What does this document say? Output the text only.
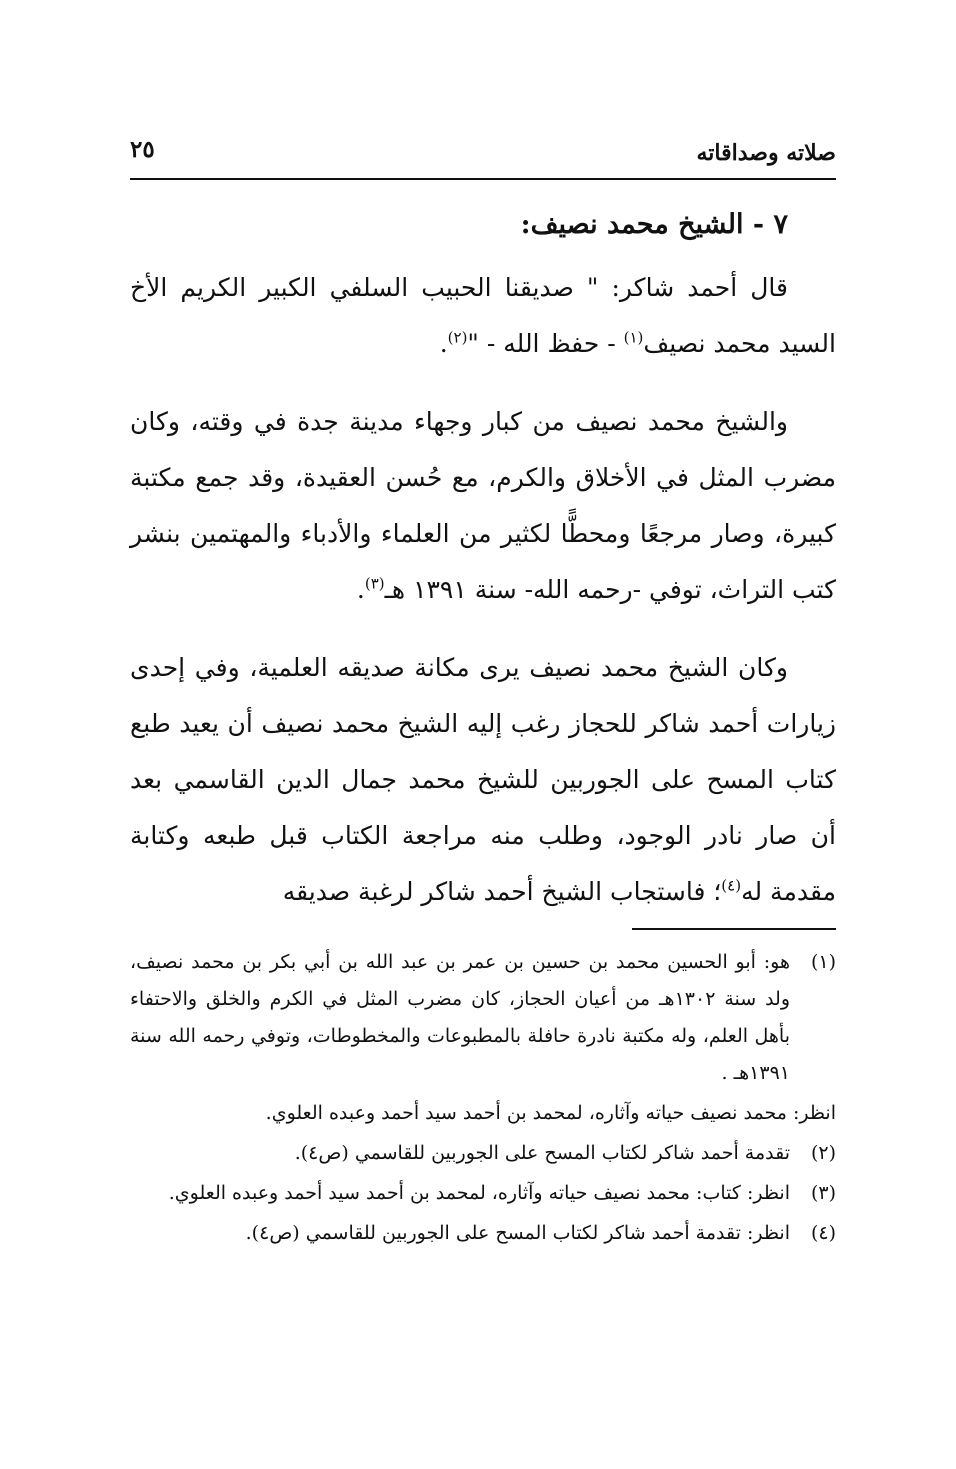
صلاته وصداقاته
٢٥
٧ - الشيخ محمد نصيف:

قال أحمد شاكر: " صديقنا الحبيب السلفي الكبير الكريم الأخ السيد محمد نصيف$^{(١)}$ - حفظ الله - "$^{(٢)}$.

والشيخ محمد نصيف من كبار وجهاء مدينة جدة في وقته، وكان مضرب المثل في الأخلاق والكرم، مع حُسن العقيدة، وقد جمع مكتبة كبيرة، وصار مرجعًا ومحطًّا لكثير من العلماء والأدباء والمهتمين بنشر كتب التراث، توفي -رحمه الله- سنة ١٣٩١ هـ$^{(٣)}$.

وكان الشيخ محمد نصيف يرى مكانة صديقه العلمية، وفي إحدى زيارات أحمد شاكر للحجاز رغب إليه الشيخ محمد نصيف أن يعيد طبع كتاب المسح على الجوربين للشيخ محمد جمال الدين القاسمي بعد أن صار نادر الوجود، وطلب منه مراجعة الكتاب قبل طبعه وكتابة مقدمة له$^{(٤)}$؛ فاستجاب الشيخ أحمد شاكر لرغبة صديقه

(١)
هو: أبو الحسين محمد بن حسين بن عمر بن عبد الله بن أبي بكر بن محمد نصيف، ولد سنة ١٣٠٢هـ من أعيان الحجاز، كان مضرب المثل في الكرم والخلق والاحتفاء بأهل العلم، وله مكتبة نادرة حافلة بالمطبوعات والمخطوطات، وتوفي رحمه الله سنة ١٣٩١هـ .
انظر: محمد نصيف حياته وآثاره، لمحمد بن أحمد سيد أحمد وعبده العلوي.
(٢)
تقدمة أحمد شاكر لكتاب المسح على الجوربين للقاسمي (ص٤).
(٣)
انظر: كتاب: محمد نصيف حياته وآثاره، لمحمد بن أحمد سيد أحمد وعبده العلوي.
(٤)
انظر: تقدمة أحمد شاكر لكتاب المسح على الجوربين للقاسمي (ص٤).
